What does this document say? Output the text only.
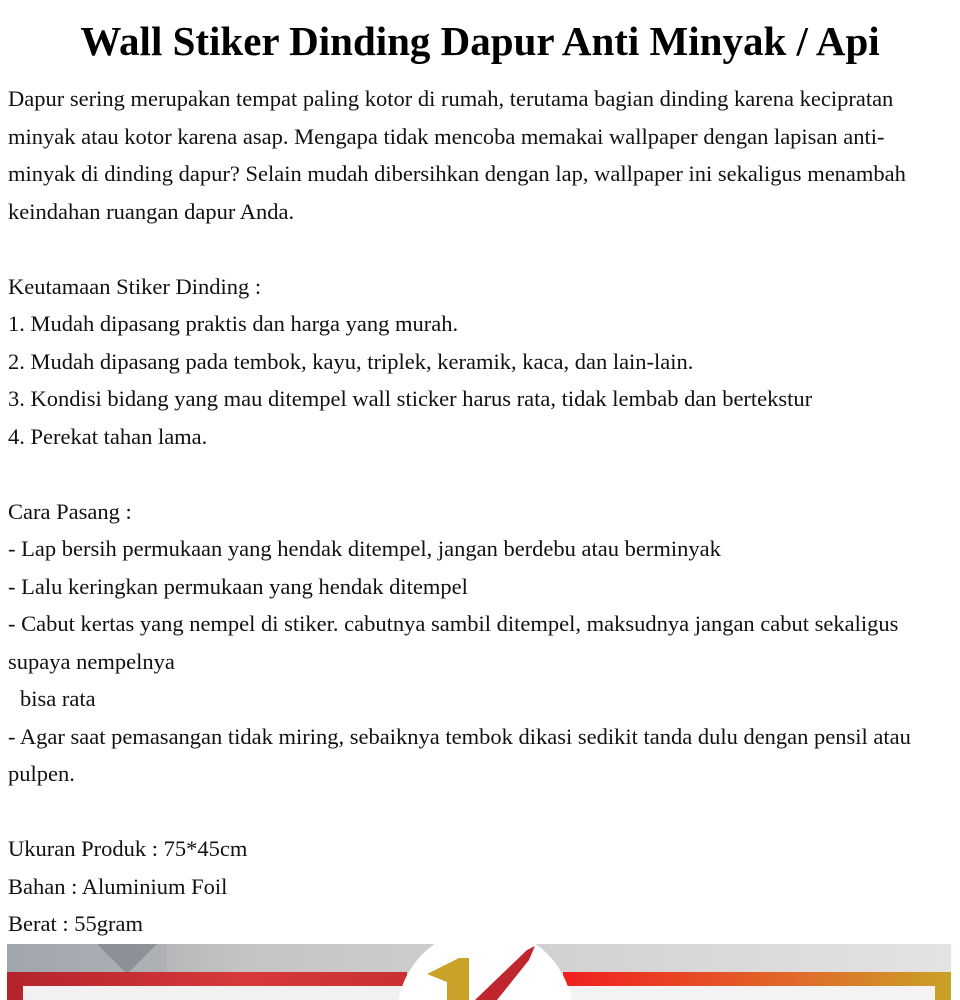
Wall Stiker Dinding Dapur Anti Minyak / Api

Dapur sering merupakan tempat paling kotor di rumah, terutama bagian dinding karena kecipratan minyak atau kotor karena asap. Mengapa tidak mencoba memakai wallpaper dengan lapisan anti-minyak di dinding dapur? Selain mudah dibersihkan dengan lap, wallpaper ini sekaligus menambah keindahan ruangan dapur Anda.

Keutamaan Stiker Dinding :

1. Mudah dipasang praktis dan harga yang murah.

2. Mudah dipasang pada tembok, kayu, triplek, keramik, kaca, dan lain-lain.

3. Kondisi bidang yang mau ditempel wall sticker harus rata, tidak lembab dan bertekstur

4. Perekat tahan lama.

Cara Pasang :

- Lap bersih permukaan yang hendak ditempel, jangan berdebu atau berminyak

- Lalu keringkan permukaan yang hendak ditempel

- Cabut kertas yang nempel di stiker. cabutnya sambil ditempel, maksudnya jangan cabut sekaligus supaya nempelnya

bisa rata

- Agar saat pemasangan tidak miring, sebaiknya tembok dikasi sedikit tanda dulu dengan pensil atau pulpen.

Ukuran Produk : 75*45cm

Bahan : Aluminium Foil

Berat : 55gram
